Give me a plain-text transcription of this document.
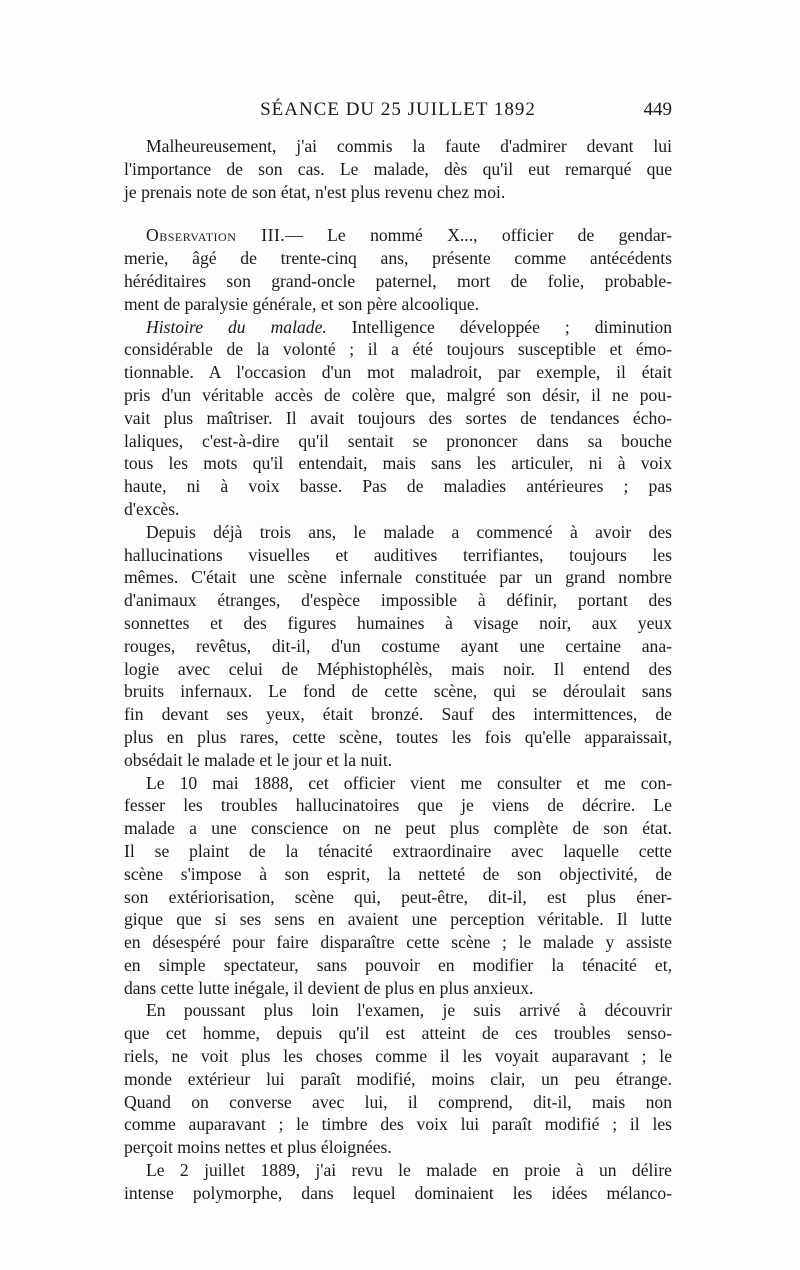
SÉANCE DU 25 JUILLET 1892	449
Malheureusement, j'ai commis la faute d'admirer devant lui
l'importance de son cas. Le malade, dès qu'il eut remarqué que
je prenais note de son état, n'est plus revenu chez moi.
Observation III.— Le nommé X..., officier de gendar-
merie, âgé de trente-cinq ans, présente comme antécédents
héréditaires son grand-oncle paternel, mort de folie, probable-
ment de paralysie générale, et son père alcoolique.
Histoire du malade. Intelligence développée ; diminution
considérable de la volonté ; il a été toujours susceptible et émo-
tionnable. A l'occasion d'un mot maladroit, par exemple, il était
pris d'un véritable accès de colère que, malgré son désir, il ne pou-
vait plus maîtriser. Il avait toujours des sortes de tendances écho-
laliques, c'est-à-dire qu'il sentait se prononcer dans sa bouche
tous les mots qu'il entendait, mais sans les articuler, ni à voix
haute, ni à voix basse. Pas de maladies antérieures ; pas
d'excès.
Depuis déjà trois ans, le malade a commencé à avoir des
hallucinations visuelles et auditives terrifiantes, toujours les
mêmes. C'était une scène infernale constituée par un grand nombre
d'animaux étranges, d'espèce impossible à définir, portant des
sonnettes et des figures humaines à visage noir, aux yeux
rouges, revêtus, dit-il, d'un costume ayant une certaine ana-
logie avec celui de Méphistophélès, mais noir. Il entend des
bruits infernaux. Le fond de cette scène, qui se déroulait sans
fin devant ses yeux, était bronzé. Sauf des intermittences, de
plus en plus rares, cette scène, toutes les fois qu'elle apparaissait,
obsédait le malade et le jour et la nuit.
Le 10 mai 1888, cet officier vient me consulter et me con-
fesser les troubles hallucinatoires que je viens de décrire. Le
malade a une conscience on ne peut plus complète de son état.
Il se plaint de la ténacité extraordinaire avec laquelle cette
scène s'impose à son esprit, la netteté de son objectivité, de
son extériorisation, scène qui, peut-être, dit-il, est plus éner-
gique que si ses sens en avaient une perception véritable. Il lutte
en désespéré pour faire disparaître cette scène ; le malade y assiste
en simple spectateur, sans pouvoir en modifier la ténacité et,
dans cette lutte inégale, il devient de plus en plus anxieux.
En poussant plus loin l'examen, je suis arrivé à découvrir
que cet homme, depuis qu'il est atteint de ces troubles senso-
riels, ne voit plus les choses comme il les voyait auparavant ; le
monde extérieur lui paraît modifié, moins clair, un peu étrange.
Quand on converse avec lui, il comprend, dit-il, mais non
comme auparavant ; le timbre des voix lui paraît modifié ; il les
perçoit moins nettes et plus éloignées.
Le 2 juillet 1889, j'ai revu le malade en proie à un délire
intense polymorphe, dans lequel dominaient les idées mélanco-
